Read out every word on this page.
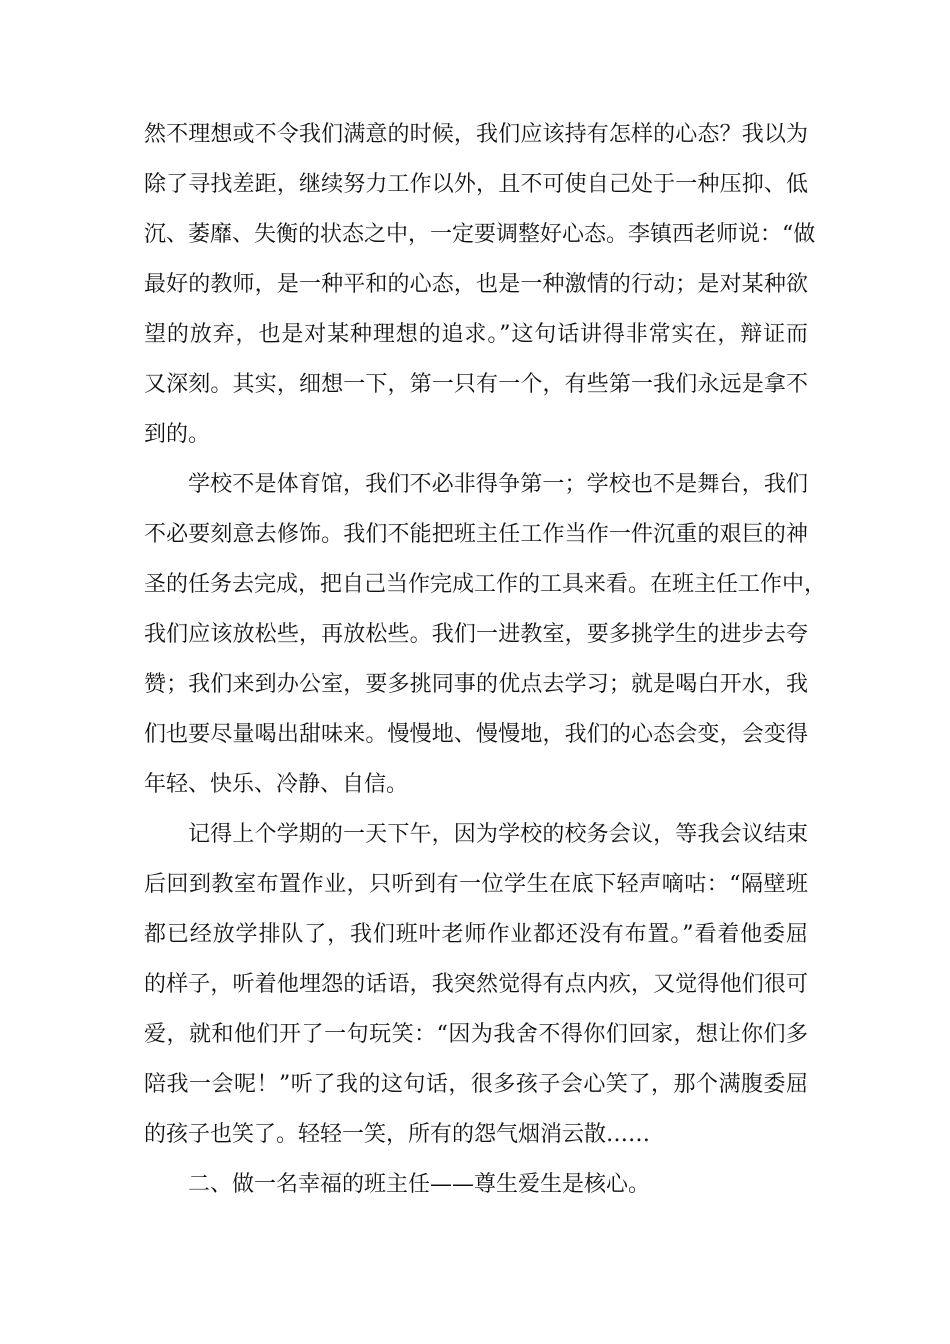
然不理想或不令我们满意的时候，我们应该持有怎样的心态？我以为
除了寻找差距，继续努力工作以外，且不可使自己处于一种压抑、低
沉、萎靡、失衡的状态之中，一定要调整好心态。李镇西老师说：“做
最好的教师，是一种平和的心态，也是一种激情的行动；是对某种欲
望的放弃，也是对某种理想的追求。”这句话讲得非常实在，辩证而
又深刻。其实，细想一下，第一只有一个，有些第一我们永远是拿不
到的。
学校不是体育馆，我们不必非得争第一；学校也不是舞台，我们
不必要刻意去修饰。我们不能把班主任工作当作一件沉重的艰巨的神
圣的任务去完成，把自己当作完成工作的工具来看。在班主任工作中，
我们应该放松些，再放松些。我们一进教室，要多挑学生的进步去夸
赞；我们来到办公室，要多挑同事的优点去学习；就是喝白开水，我
们也要尽量喝出甜味来。慢慢地、慢慢地，我们的心态会变，会变得
年轻、快乐、冷静、自信。
记得上个学期的一天下午，因为学校的校务会议，等我会议结束
后回到教室布置作业，只听到有一位学生在底下轻声嘀咕：“隔壁班
都已经放学排队了，我们班叶老师作业都还没有布置。”看着他委屈
的样子，听着他埋怨的话语，我突然觉得有点内疚，又觉得他们很可
爱，就和他们开了一句玩笑：“因为我舍不得你们回家，想让你们多
陪我一会呢！”听了我的这句话，很多孩子会心笑了，那个满腹委屈
的孩子也笑了。轻轻一笑，所有的怨气烟消云散……
二、做一名幸福的班主任——尊生爱生是核心。
